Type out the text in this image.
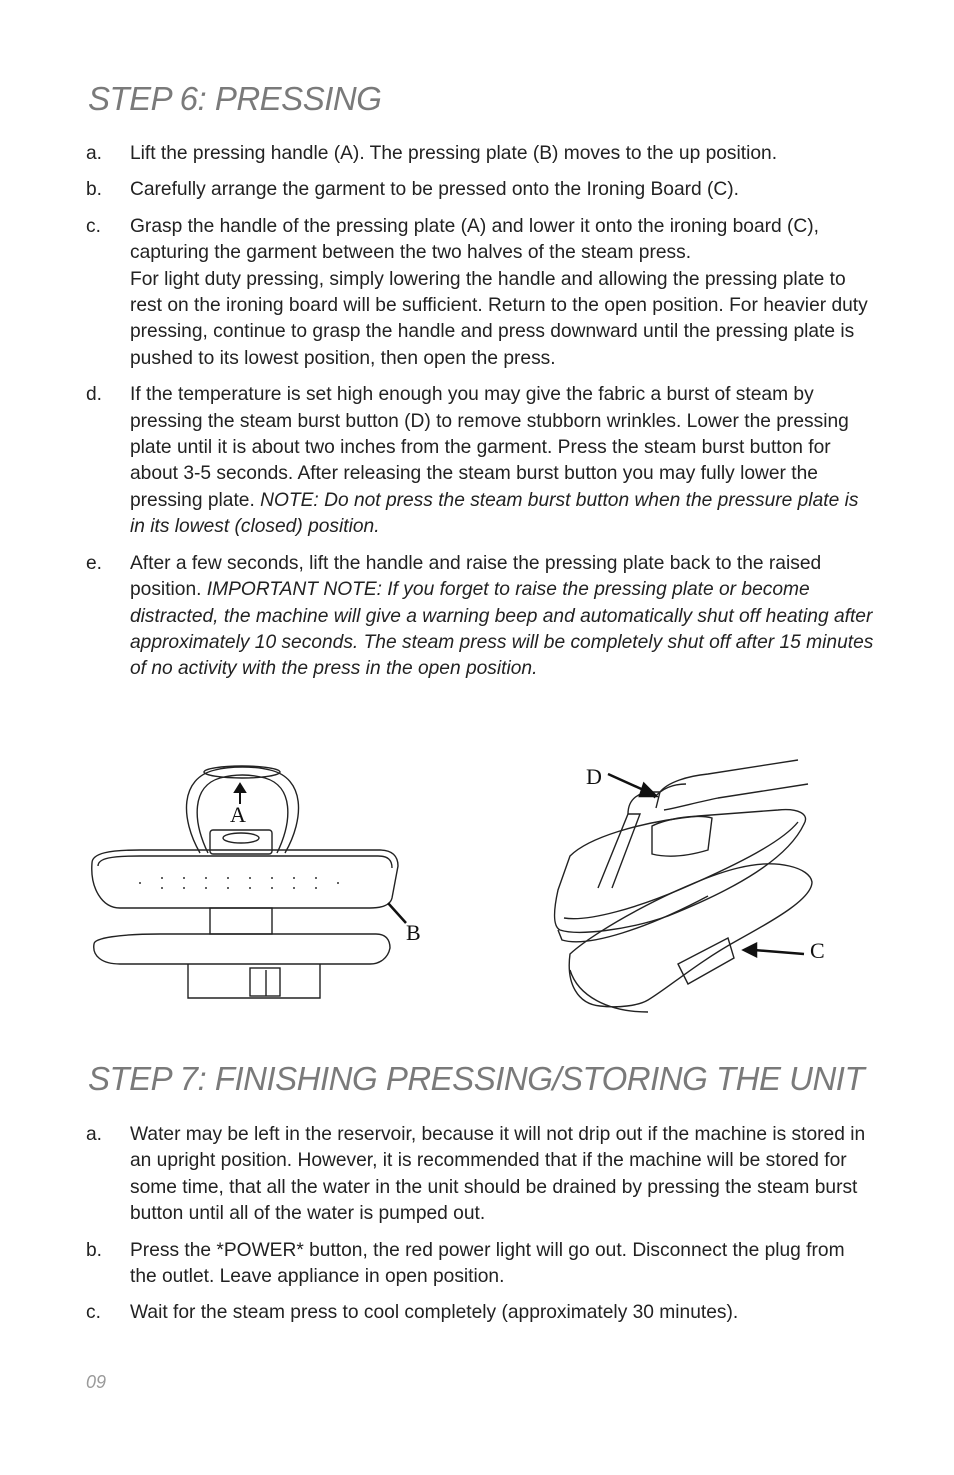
STEP 6: PRESSING
a.	Lift the pressing handle (A). The pressing plate (B) moves to the up position.
b.	Carefully arrange the garment to be pressed onto the Ironing Board (C).
c.	Grasp the handle of the pressing plate (A) and lower it onto the ironing board (C), capturing the garment between the two halves of the steam press.
For light duty pressing, simply lowering the handle and allowing the pressing plate to rest on the ironing board will be sufficient. Return to the open position. For heavier duty pressing, continue to grasp the handle and press downward until the pressing plate is pushed to its lowest position, then open the press.
d.	If the temperature is set high enough you may give the fabric a burst of steam by pressing the steam burst button (D) to remove stubborn wrinkles. Lower the pressing plate until it is about two inches from the garment. Press the steam burst button for about 3-5 seconds. After releasing the steam burst button you may fully lower the pressing plate. NOTE: Do not press the steam burst button when the pressure plate is in its lowest (closed) position.
e.	After a few seconds, lift the handle and raise the pressing plate back to the raised position. IMPORTANT NOTE: If you forget to raise the pressing plate or become distracted, the machine will give a warning beep and automatically shut off heating after approximately 10 seconds. The steam press will be completely shut off after 15 minutes of no activity with the press in the open position.
A
B
D
C
STEP 7: FINISHING PRESSING/STORING THE UNIT
a.	Water may be left in the reservoir, because it will not drip out if the machine is stored in an upright position. However, it is recommended that if the machine will be stored for some time, that all the water in the unit should be drained by pressing the steam burst button until all of the water is pumped out.
b.	Press the *POWER* button, the red power light will go out. Disconnect the plug from the outlet. Leave appliance in open position.
c.	Wait for the steam press to cool completely (approximately 30 minutes).
09
